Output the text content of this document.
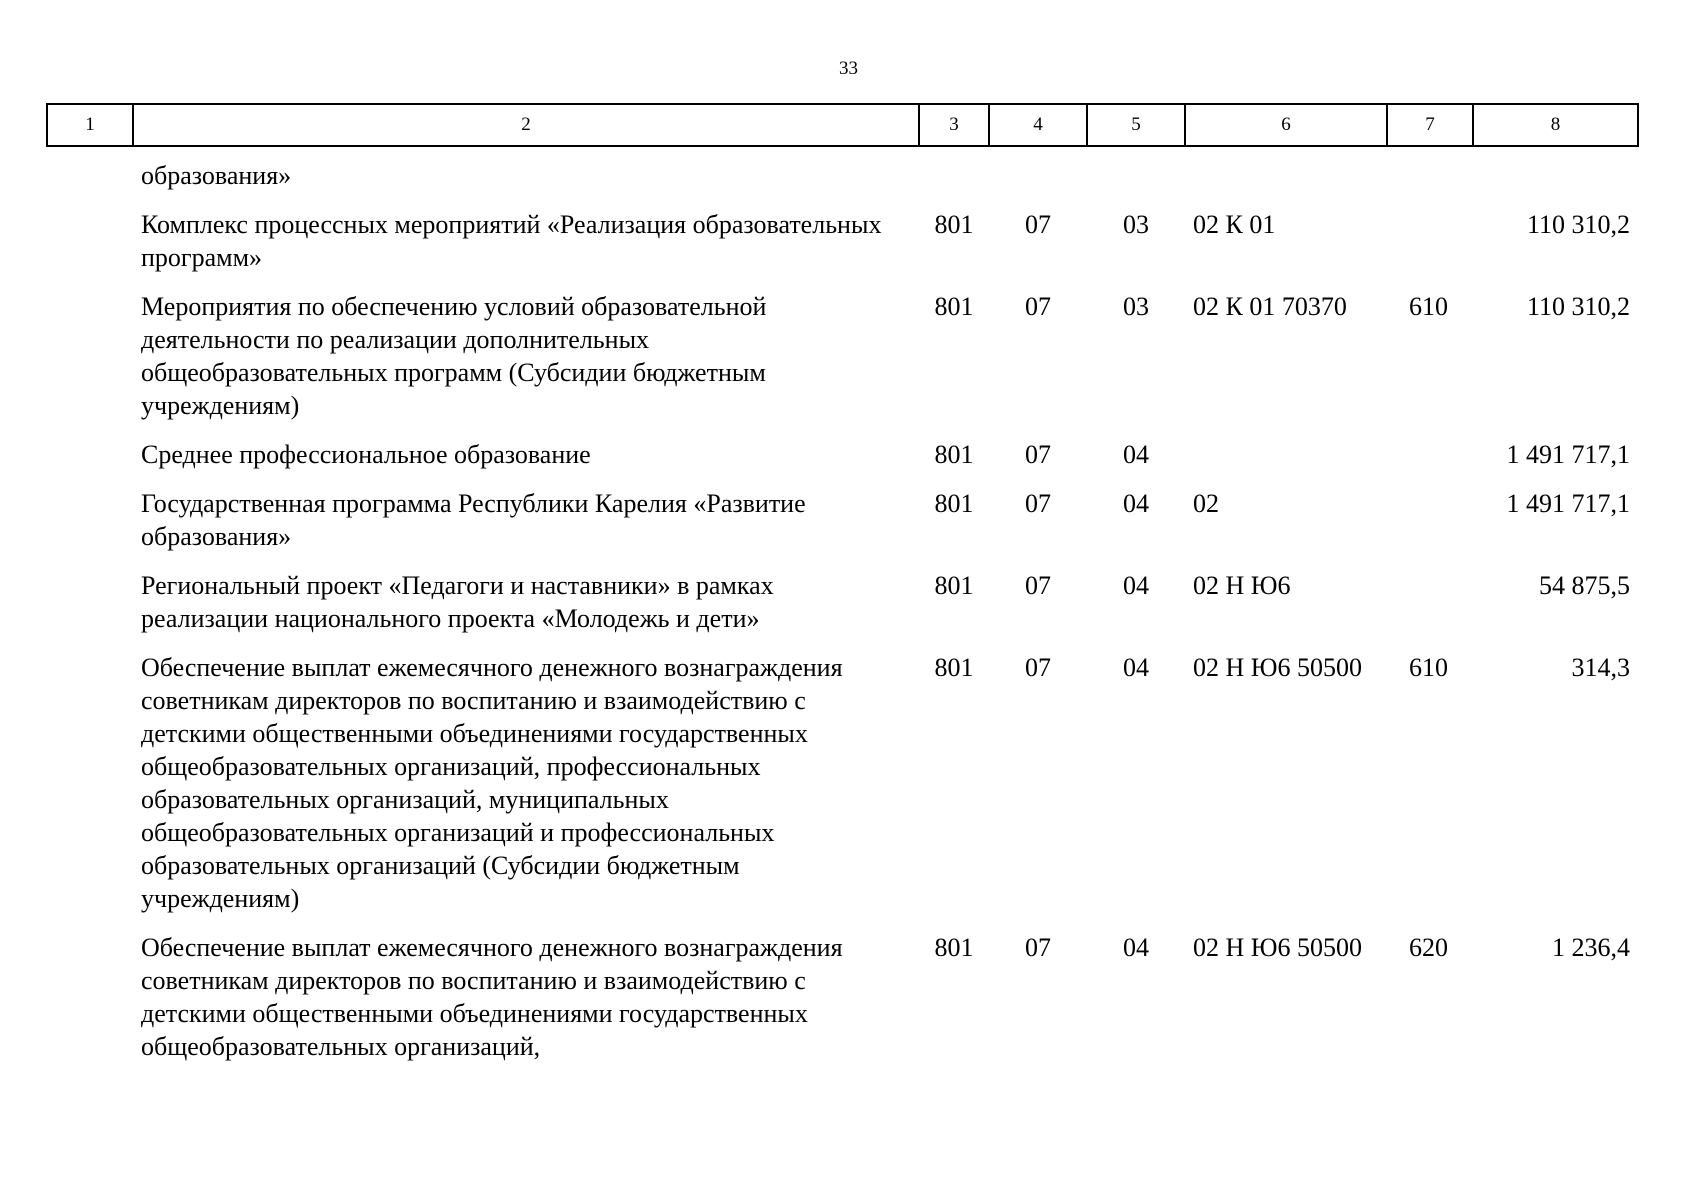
33
1	2	3	4	5	6	7	8
	образования»						
	Комплекс процессных мероприятий «Реализация образовательных программ»	801	07	03	02 К 01		110 310,2
	Мероприятия по обеспечению условий образовательной деятельности по реализации дополнительных общеобразовательных программ (Субсидии бюджетным учреждениям)	801	07	03	02 К 01 70370	610	110 310,2
	Среднее профессиональное образование	801	07	04			1 491 717,1
	Государственная программа Республики Карелия «Развитие образования»	801	07	04	02		1 491 717,1
	Региональный проект «Педагоги и наставники» в рамках реализации национального проекта «Молодежь и дети»	801	07	04	02 Н Ю6		54 875,5
	Обеспечение выплат ежемесячного денежного вознаграждения советникам директоров по воспитанию и взаимодействию с детскими общественными объединениями государственных общеобразовательных организаций, профессиональных образовательных организаций, муниципальных общеобразовательных организаций и профессиональных образовательных организаций (Субсидии бюджетным учреждениям)	801	07	04	02 Н Ю6 50500	610	314,3
	Обеспечение выплат ежемесячного денежного вознаграждения советникам директоров по воспитанию и взаимодействию с детскими общественными объединениями государственных общеобразовательных организаций,	801	07	04	02 Н Ю6 50500	620	1 236,4
